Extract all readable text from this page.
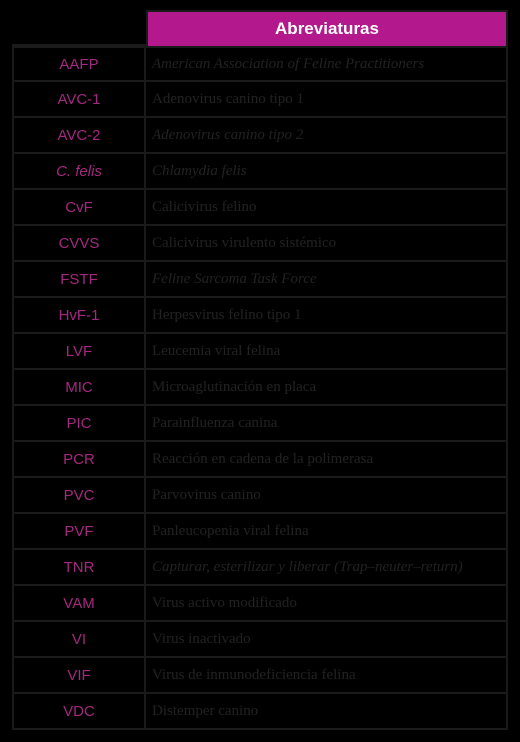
Abreviaturas
AAFP	American Association of Feline Practitioners
AVC-1	Adenovirus canino tipo 1
AVC-2	Adenovirus canino tipo 2
C. felis	Chlamydia felis
CvF	Calicivirus felino
CVVS	Calicivirus virulento sistémico
FSTF	Feline Sarcoma Task Force
HvF-1	Herpesvirus felino tipo 1
LVF	Leucemia viral felina
MIC	Microaglutinación en placa
PIC	Parainfluenza canina
PCR	Reacción en cadena de la polimerasa
PVC	Parvovirus canino
PVF	Panleucopenia viral felina
TNR	Capturar, esterilizar y liberar (Trap–neuter–return)
VAM	Virus activo modificado
VI	Virus inactivado
VIF	Virus de inmunodeficiencia felina
VDC	Distemper canino
